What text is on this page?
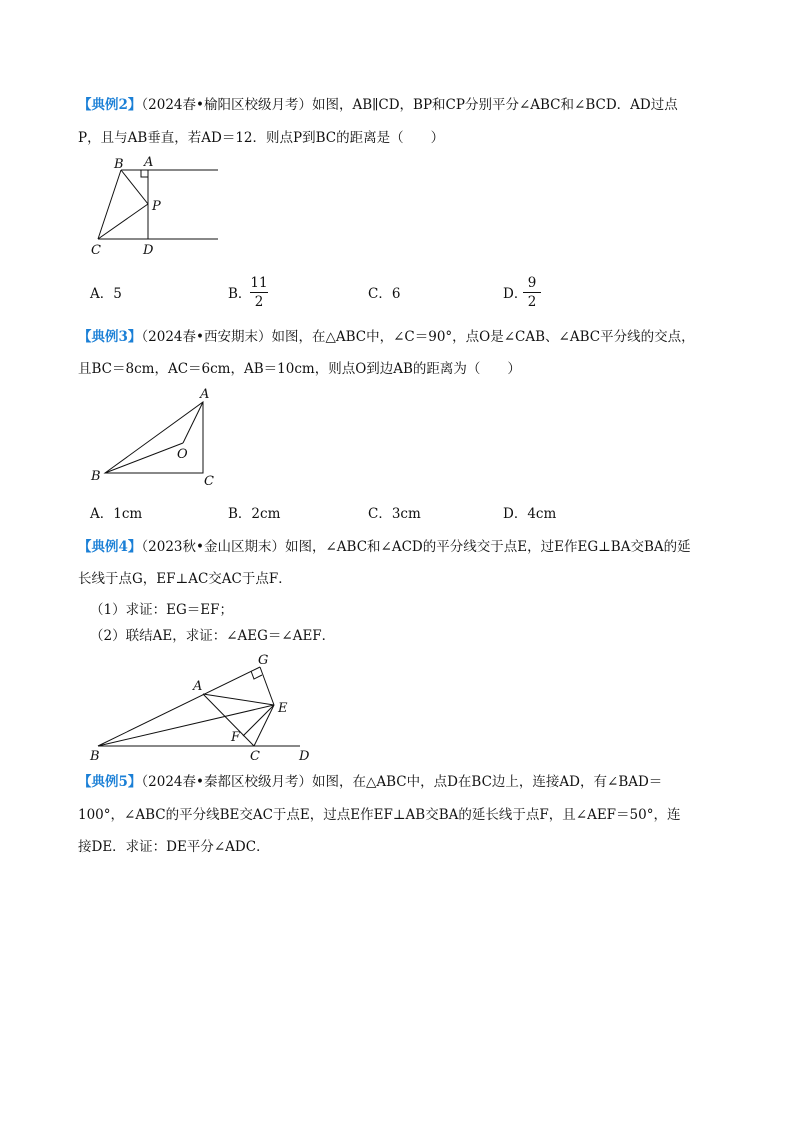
【典例2】（2024春•榆阳区校级月考）如图，AB∥CD，BP和CP分别平分∠ABC和∠BCD．AD过点
P，且与AB垂直，若AD＝12．则点P到BC的距离是（　　）
B A
P
C	D
A．5	B．
11
2	C．6	D．
9
2
【典例3】（2024春•西安期末）如图，在△ABC中，∠C＝90°，点O是∠CAB、∠ABC平分线的交点，
且BC＝8cm，AC＝6cm，AB＝10cm，则点O到边AB的距离为（　　）
A
O
B	C
A．1cm	B．2cm	C．3cm	D．4cm
【典例4】（2023秋•金山区期末）如图，∠ABC和∠ACD的平分线交于点E，过E作EG⊥BA交BA的延
长线于点G，EF⊥AC交AC于点F．
（1）求证：EG＝EF；
（2）联结AE，求证：∠AEG＝∠AEF．
G
A
E
F
B	C	D
【典例5】（2024春•秦都区校级月考）如图，在△ABC中，点D在BC边上，连接AD，有∠BAD＝
100°，∠ABC的平分线BE交AC于点E，过点E作EF⊥AB交BA的延长线于点F，且∠AEF＝50°，连
接DE．求证：DE平分∠ADC．
